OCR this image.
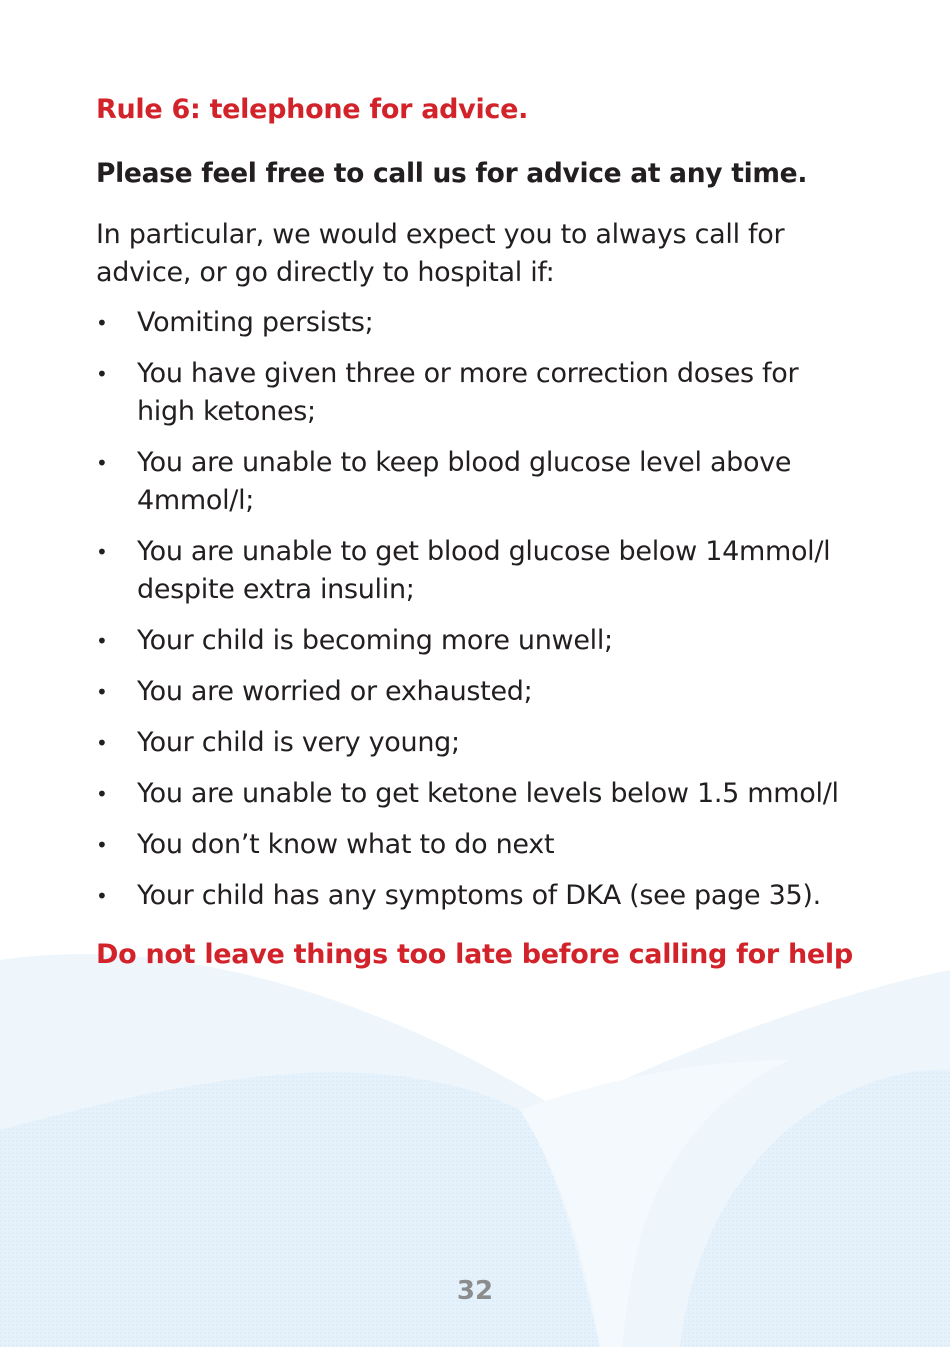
Rule 6: telephone for advice.
Please feel free to call us for advice at any time.
In particular, we would expect you to always call for advice, or go directly to hospital if:
• Vomiting persists;
• You have given three or more correction doses for high ketones;
• You are unable to keep blood glucose level above 4mmol/l;
• You are unable to get blood glucose below 14mmol/l despite extra insulin;
• Your child is becoming more unwell;
• You are worried or exhausted;
• Your child is very young;
• You are unable to get ketone levels below 1.5 mmol/l
• You don’t know what to do next
• Your child has any symptoms of DKA (see page 35).
Do not leave things too late before calling for help
32
